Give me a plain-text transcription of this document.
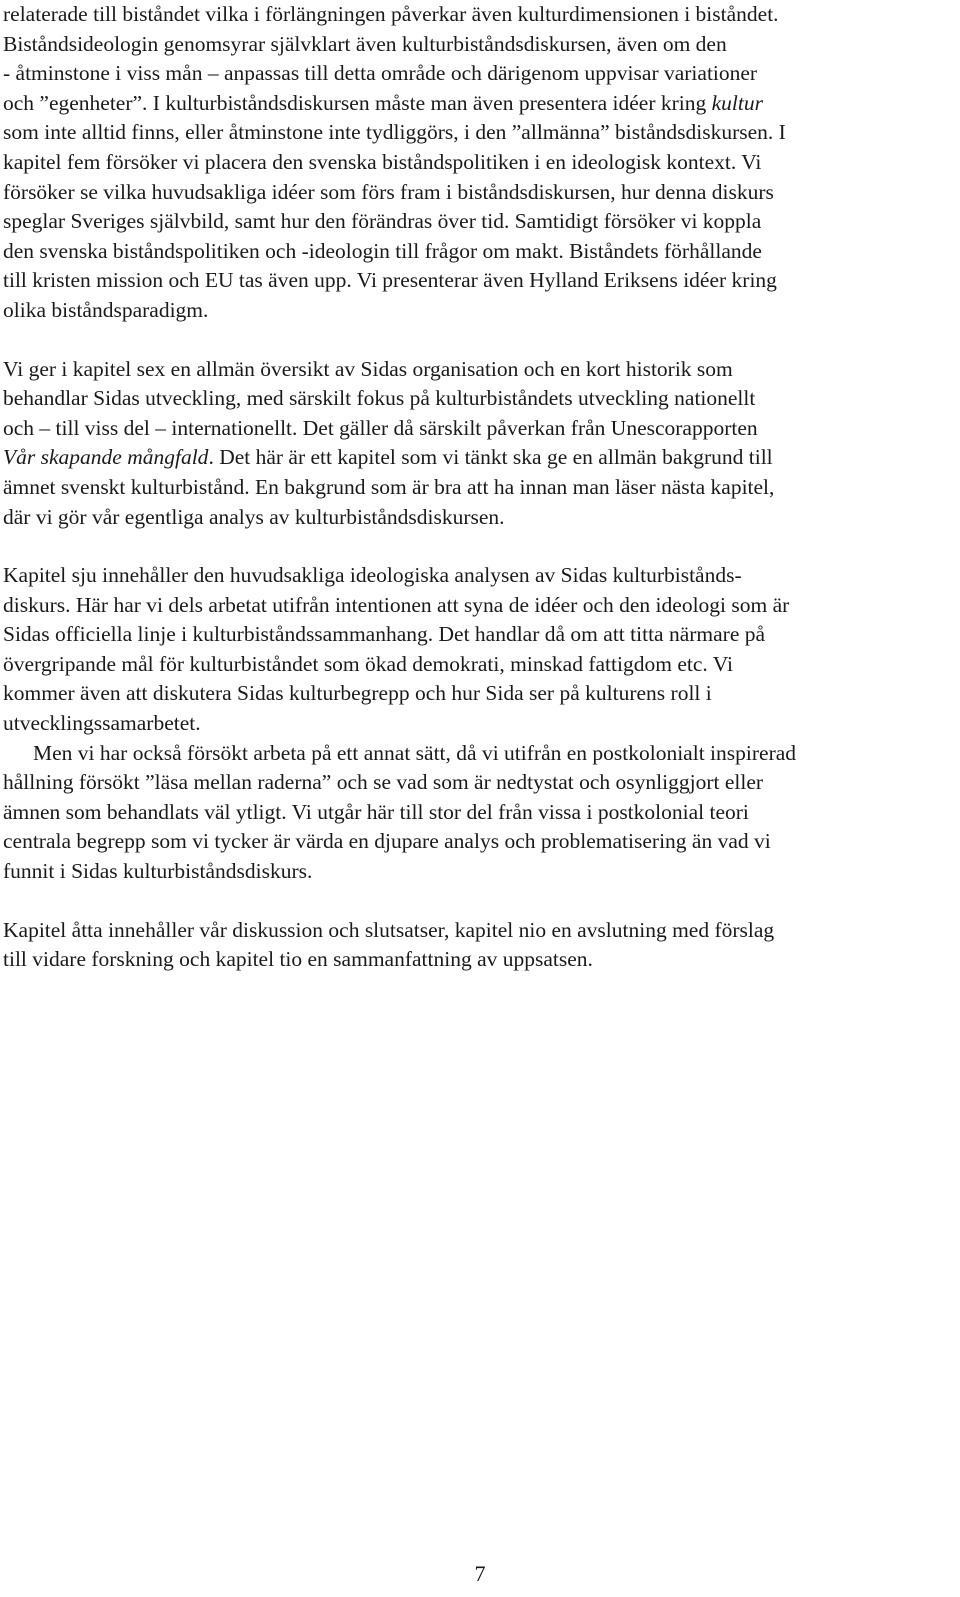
relaterade till biståndet vilka i förlängningen påverkar även kulturdimensionen i biståndet.
Biståndsideologin genomsyrar självklart även kulturbiståndsdiskursen, även om den
- åtminstone i viss mån – anpassas till detta område och därigenom uppvisar variationer
och ”egenheter”. I kulturbiståndsdiskursen måste man även presentera idéer kring kultur
som inte alltid finns, eller åtminstone inte tydliggörs, i den ”allmänna” biståndsdiskursen. I
kapitel fem försöker vi placera den svenska biståndspolitiken i en ideologisk kontext. Vi
försöker se vilka huvudsakliga idéer som förs fram i biståndsdiskursen, hur denna diskurs
speglar Sveriges självbild, samt hur den förändras över tid. Samtidigt försöker vi koppla
den svenska biståndspolitiken och -ideologin till frågor om makt. Biståndets förhållande
till kristen mission och EU tas även upp. Vi presenterar även Hylland Eriksens idéer kring
olika biståndsparadigm.

Vi ger i kapitel sex en allmän översikt av Sidas organisation och en kort historik som
behandlar Sidas utveckling, med särskilt fokus på kulturbiståndets utveckling nationellt
och – till viss del – internationellt. Det gäller då särskilt påverkan från Unescorapporten
Vår skapande mångfald. Det här är ett kapitel som vi tänkt ska ge en allmän bakgrund till
ämnet svenskt kulturbistånd. En bakgrund som är bra att ha innan man läser nästa kapitel,
där vi gör vår egentliga analys av kulturbiståndsdiskursen.

Kapitel sju innehåller den huvudsakliga ideologiska analysen av Sidas kulturbistånds-
diskurs. Här har vi dels arbetat utifrån intentionen att syna de idéer och den ideologi som är
Sidas officiella linje i kulturbiståndssammanhang. Det handlar då om att titta närmare på
övergripande mål för kulturbiståndet som ökad demokrati, minskad fattigdom etc. Vi
kommer även att diskutera Sidas kulturbegrepp och hur Sida ser på kulturens roll i
utvecklingssamarbetet.

Men vi har också försökt arbeta på ett annat sätt, då vi utifrån en postkolonialt inspirerad
hållning försökt ”läsa mellan raderna” och se vad som är nedtystat och osynliggjort eller
ämnen som behandlats väl ytligt. Vi utgår här till stor del från vissa i postkolonial teori
centrala begrepp som vi tycker är värda en djupare analys och problematisering än vad vi
funnit i Sidas kulturbiståndsdiskurs.

Kapitel åtta innehåller vår diskussion och slutsatser, kapitel nio en avslutning med förslag
till vidare forskning och kapitel tio en sammanfattning av uppsatsen.

7
